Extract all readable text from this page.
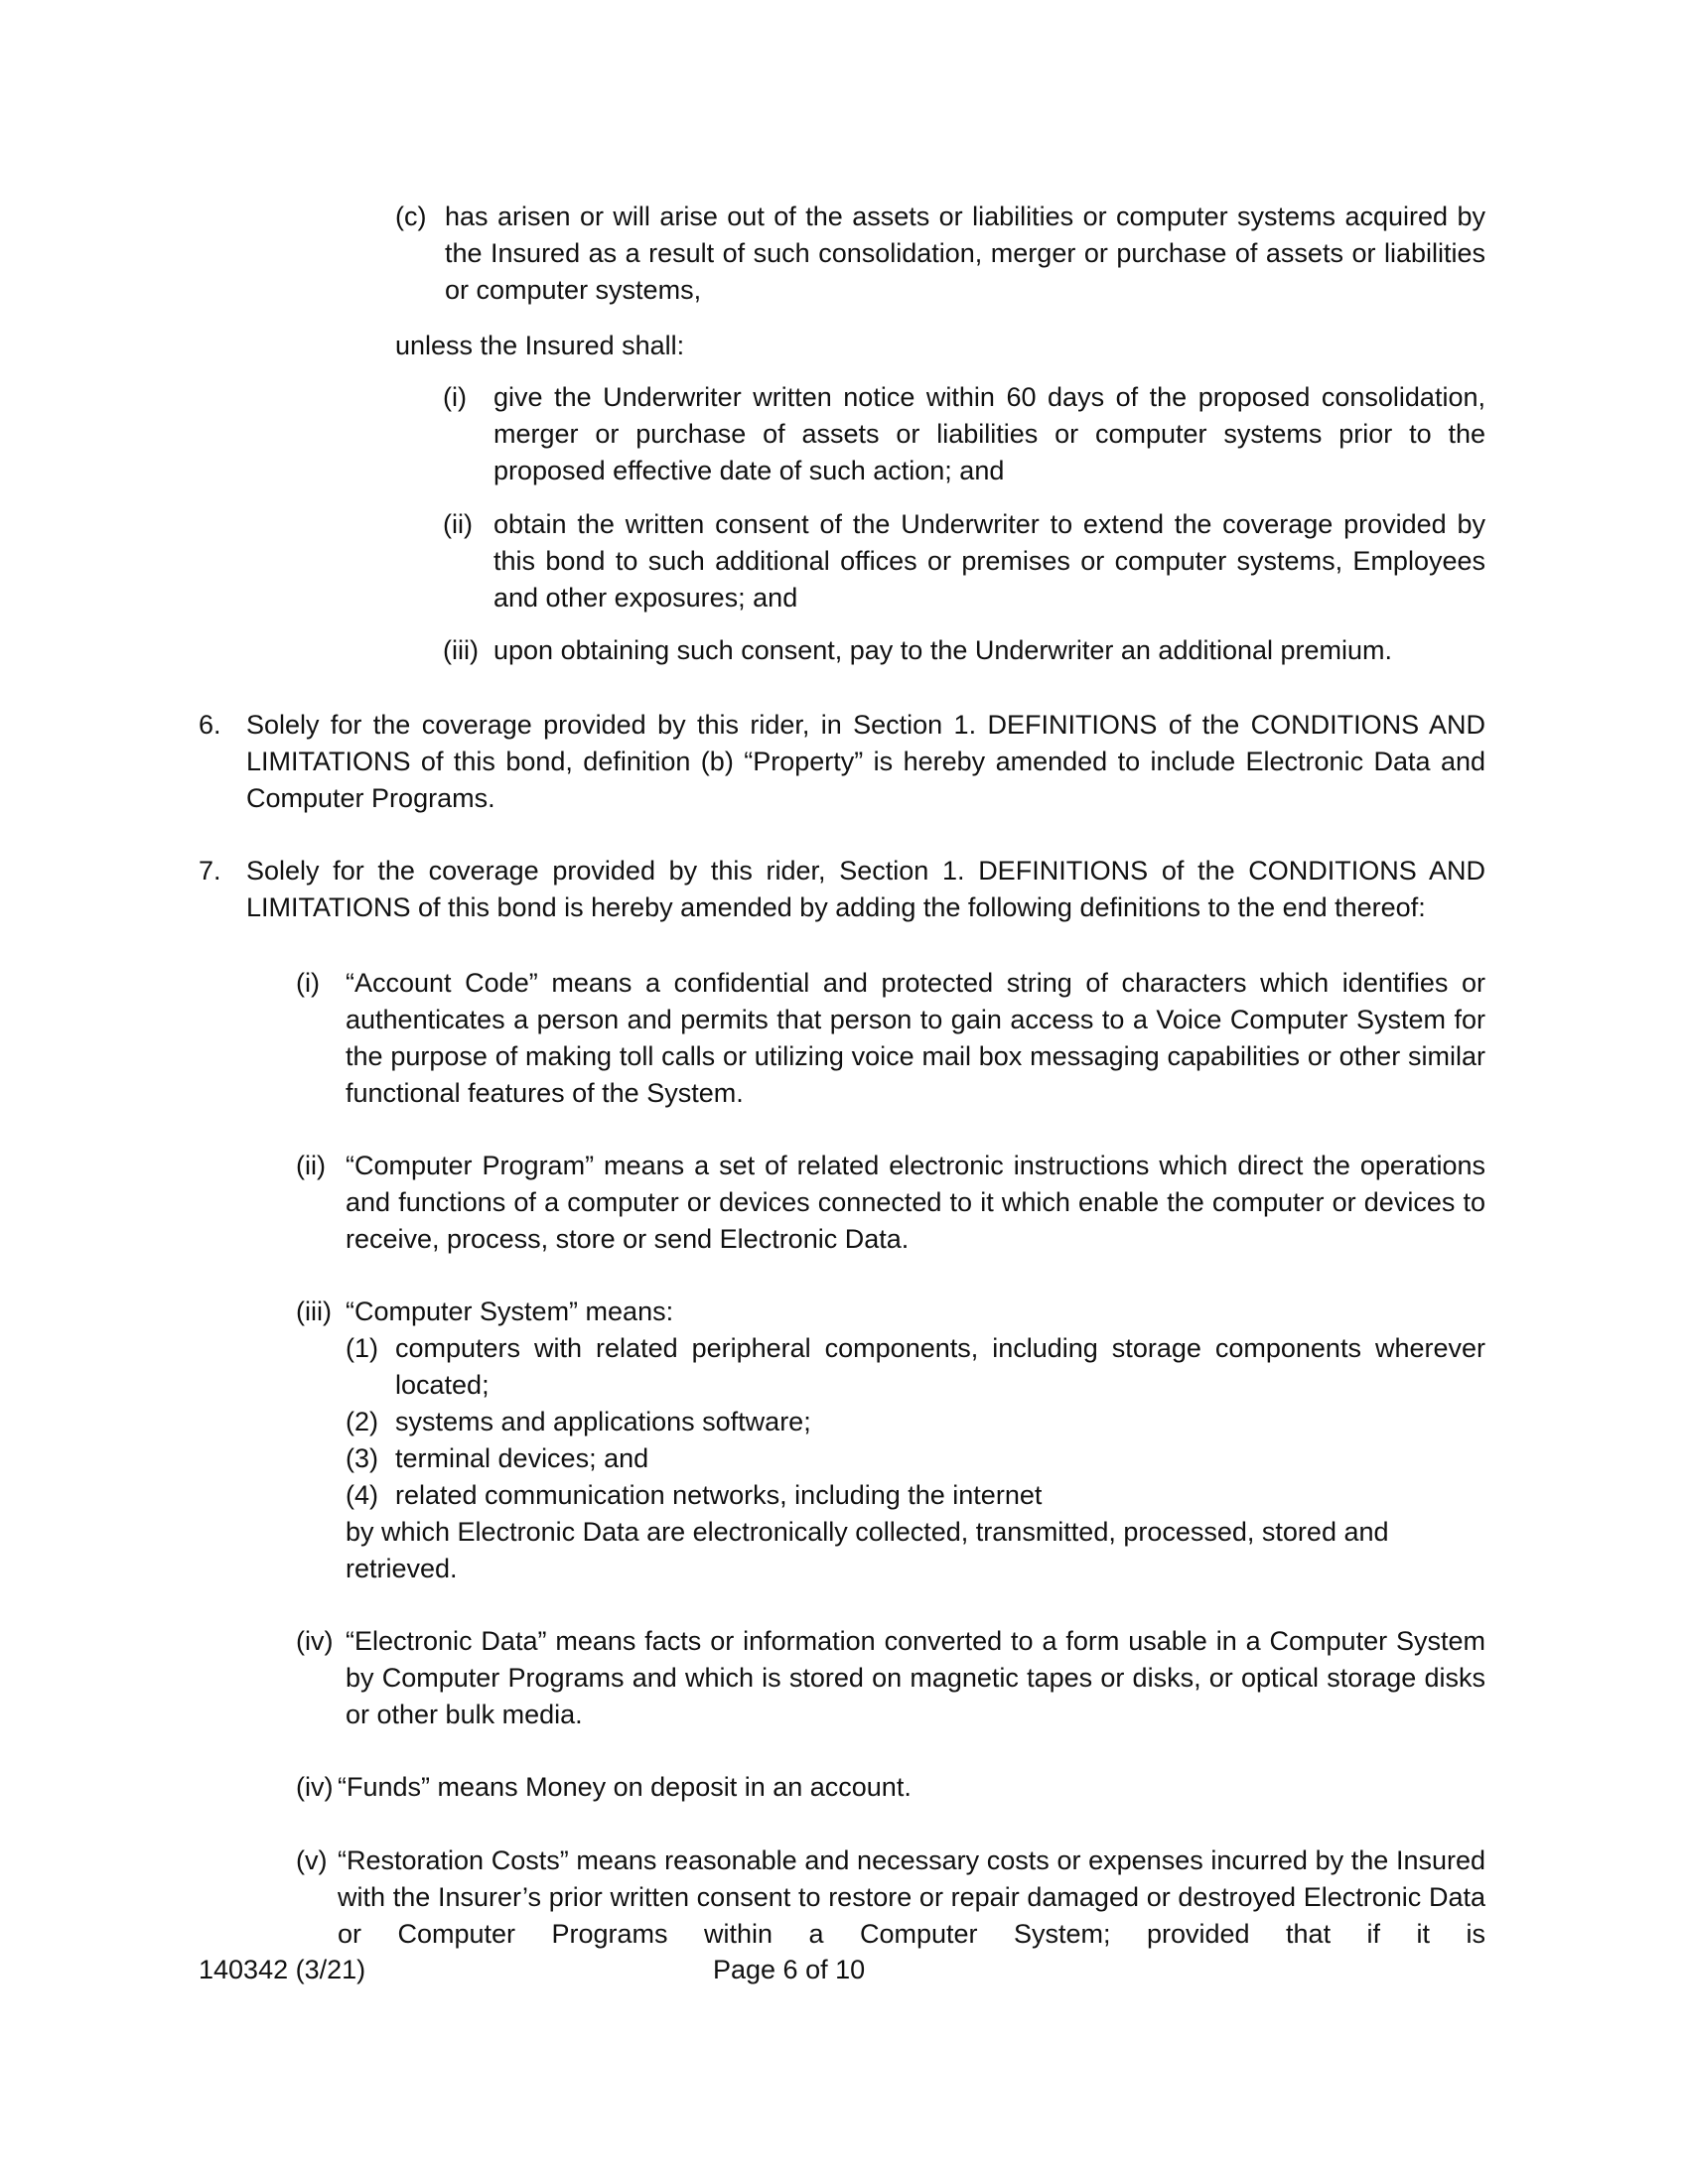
(c) has arisen or will arise out of the assets or liabilities or computer systems acquired by the Insured as a result of such consolidation, merger or purchase of assets or liabilities or computer systems,
unless the Insured shall:
(i) give the Underwriter written notice within 60 days of the proposed consolidation, merger or purchase of assets or liabilities or computer systems prior to the proposed effective date of such action; and
(ii) obtain the written consent of the Underwriter to extend the coverage provided by this bond to such additional offices or premises or computer systems, Employees and other exposures; and
(iii) upon obtaining such consent, pay to the Underwriter an additional premium.
6. Solely for the coverage provided by this rider, in Section 1. DEFINITIONS of the CONDITIONS AND LIMITATIONS of this bond, definition (b) “Property” is hereby amended to include Electronic Data and Computer Programs.
7. Solely for the coverage provided by this rider, Section 1. DEFINITIONS of the CONDITIONS AND LIMITATIONS of this bond is hereby amended by adding the following definitions to the end thereof:
(i) “Account Code” means a confidential and protected string of characters which identifies or authenticates a person and permits that person to gain access to a Voice Computer System for the purpose of making toll calls or utilizing voice mail box messaging capabilities or other similar functional features of the System.
(ii) “Computer Program” means a set of related electronic instructions which direct the operations and functions of a computer or devices connected to it which enable the computer or devices to receive, process, store or send Electronic Data.
(iii) “Computer System” means:
(1) computers with related peripheral components, including storage components wherever located;
(2) systems and applications software;
(3) terminal devices; and
(4) related communication networks, including the internet
by which Electronic Data are electronically collected, transmitted, processed, stored and retrieved.
(iv) “Electronic Data” means facts or information converted to a form usable in a Computer System by Computer Programs and which is stored on magnetic tapes or disks, or optical storage disks or other bulk media.
(iv) “Funds” means Money on deposit in an account.
(v) “Restoration Costs” means reasonable and necessary costs or expenses incurred by the Insured with the Insurer’s prior written consent to restore or repair damaged or destroyed Electronic Data or Computer Programs within a Computer System; provided that if it is
140342 (3/21)	Page 6 of 10
